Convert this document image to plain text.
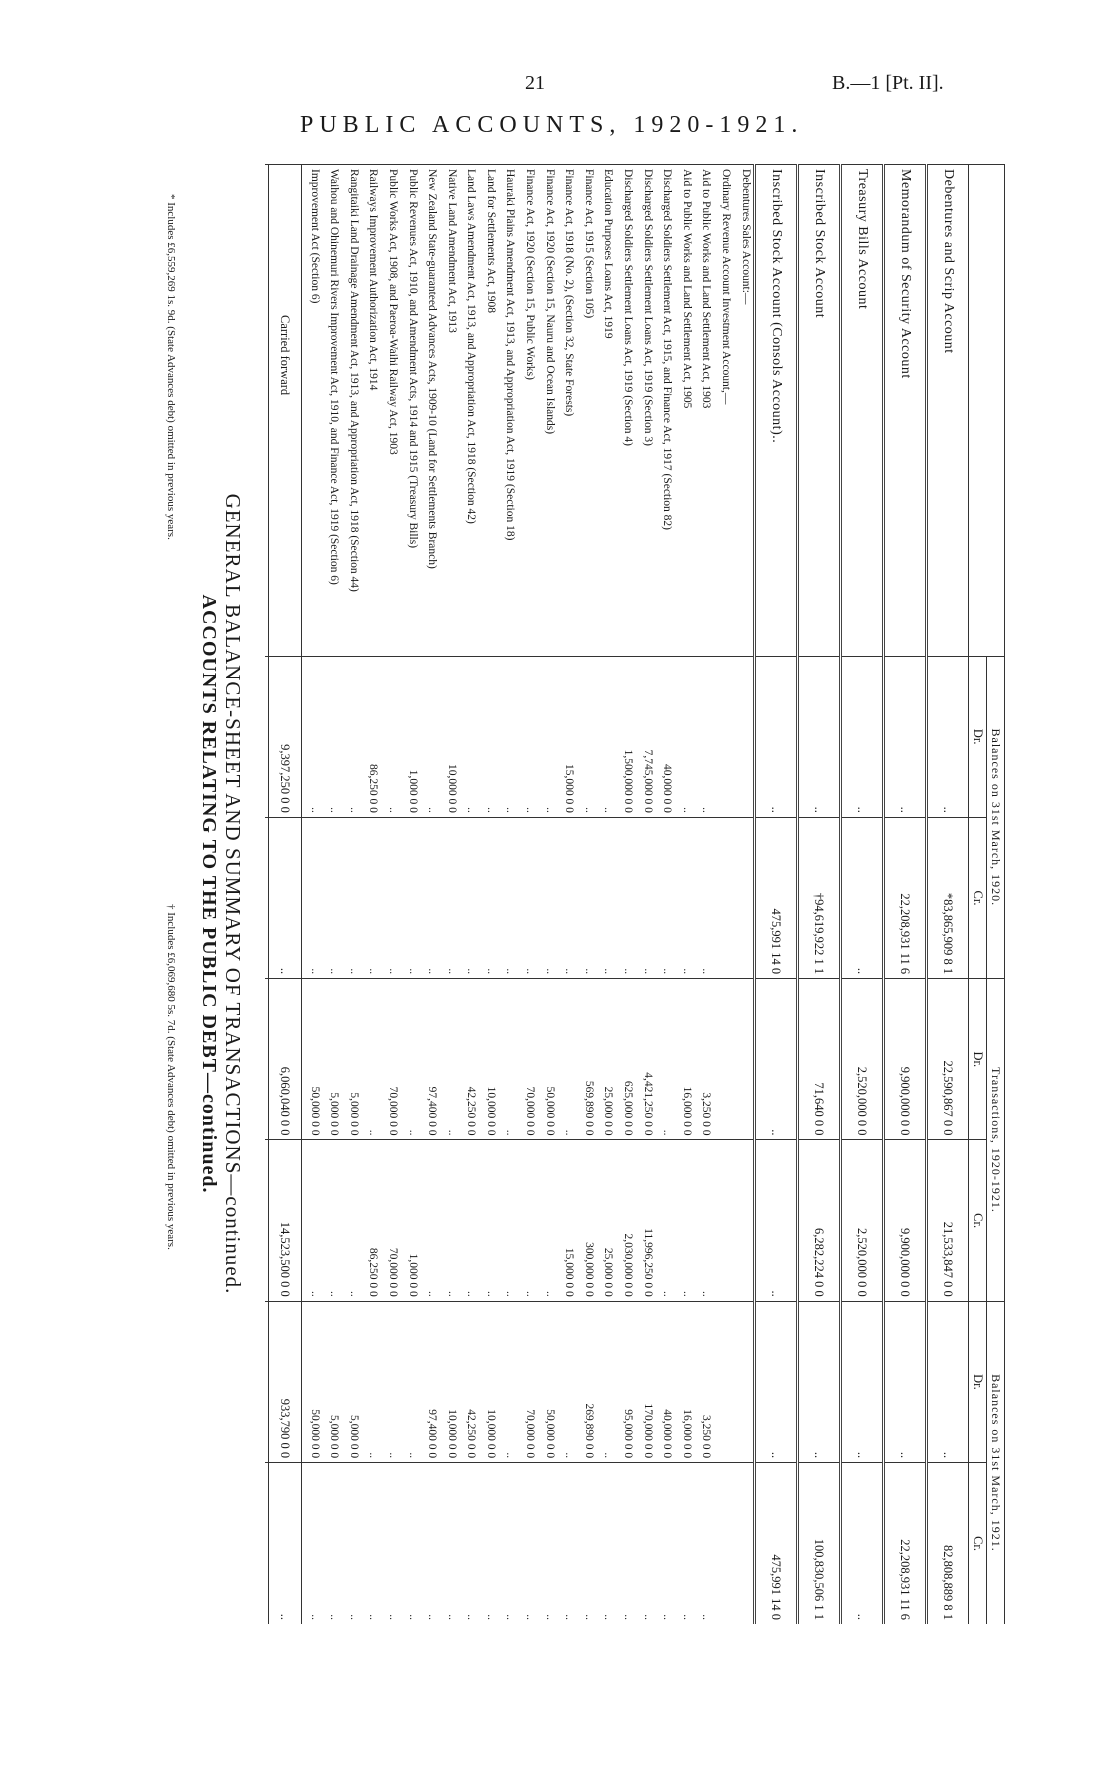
21	B.—1 [Pt. II].
PUBLIC ACCOUNTS, 1920-1921.
	Balances on 31st March, 1920.		Transactions, 1920-1921.		Balances on 31st March, 1921.	
	Dr.	Cr.	Dr.	Cr.	Dr.	Cr.
Debentures and Scrip Account	..	*83,865,909 8 1	22,590,867 0 0	21,533,847 0 0	..	82,808,889 8 1
Memorandum of Security Account	..	22,208,931 11 6	9,900,000 0 0	9,900,000 0 0	..	22,208,931 11 6
Treasury Bills Account	..	..	2,520,000 0 0	2,520,000 0 0	..	..
Inscribed Stock Account	..	†94,619,922 1 1	71,640 0 0	6,282,224 0 0	..	100,830,506 1 1
Inscribed Stock Account (Consols Account)..	..	475,991 14 0	..	..	..	475,991 14 0
Debentures Sales Account:—						
Ordinary Revenue Account Investment Account,—						
Aid to Public Works and Land Settlement Act, 1903	..	..	3,250 0 0	..	3,250 0 0	..
Aid to Public Works and Land Settlement Act, 1905	..	..	16,000 0 0	..	16,000 0 0	..
Discharged Soldiers Settlement Act, 1915, and Finance Act, 1917 (Section 82)	40,000 0 0	..	..	..	40,000 0 0	..
Discharged Soldiers Settlement Loans Act, 1919 (Section 3)	7,745,000 0 0	..	4,421,250 0 0	11,996,250 0 0	170,000 0 0	..
Discharged Soldiers Settlement Loans Act, 1919 (Section 4)	1,500,000 0 0	..	625,000 0 0	2,030,000 0 0	95,000 0 0	..
Education Purposes Loans Act, 1919	..	..	25,000 0 0	25,000 0 0	..	..
Finance Act, 1915 (Section 105)	..	..	569,890 0 0	300,000 0 0	269,890 0 0	..
Finance Act, 1918 (No. 2), (Section 32, State Forests)	15,000 0 0	..	..	15,000 0 0	..	..
Finance Act, 1920 (Section 15, Nauru and Ocean Islands)	..	..	50,000 0 0	..	50,000 0 0	..
Finance Act, 1920 (Section 15, Public Works)	..	..	70,000 0 0	..	70,000 0 0	..
Hauraki Plains Amendment Act, 1913, and Appropriation Act, 1919 (Section 18)	..	..	..	..	..	..
Land for Settlements Act, 1908	..	..	10,000 0 0	..	10,000 0 0	..
Land Laws Amendment Act, 1913, and Appropriation Act, 1918 (Section 42)	..	..	42,250 0 0	..	42,250 0 0	..
Native Land Amendment Act, 1913	10,000 0 0	..	..	..	10,000 0 0	..
New Zealand State-guaranteed Advances Acts, 1909-10 (Land for Settlements Branch)	..	..	97,400 0 0	..	97,400 0 0	..
Public Revenues Act, 1910, and Amendment Acts, 1914 and 1915 (Treasury Bills)	1,000 0 0	..	..	1,000 0 0	..	..
Public Works Act, 1908, and Paeroa-Waihi Railway Act, 1903	..	..	70,000 0 0	70,000 0 0	..	..
Railways Improvement Authorization Act, 1914	86,250 0 0	..	..	86,250 0 0	..	..
Rangitaiki Land Drainage Amendment Act, 1913, and Appropriation Act, 1918 (Section 44)	..	..	5,000 0 0	..	5,000 0 0	..
Waihou and Ohinemuri Rivers Improvement Act, 1910, and Finance Act, 1919 (Section 6)	..	..	5,000 0 0	..	5,000 0 0	..
Improvement Act (Section 6)	..	..	50,000 0 0	..	50,000 0 0	..
Carried forward	9,397,250 0 0	..	6,060,040 0 0	14,523,500 0 0	933,790 0 0	..

GENERAL BALANCE-SHEET AND SUMMARY OF TRANSACTIONS—continued.
ACCOUNTS RELATING TO THE PUBLIC DEBT—continued.
* Includes £6,559,269 1s. 9d. (State Advances debt) omitted in previous years.
† Includes £6,069,680 5s. 7d. (State Advances debt) omitted in previous years.
